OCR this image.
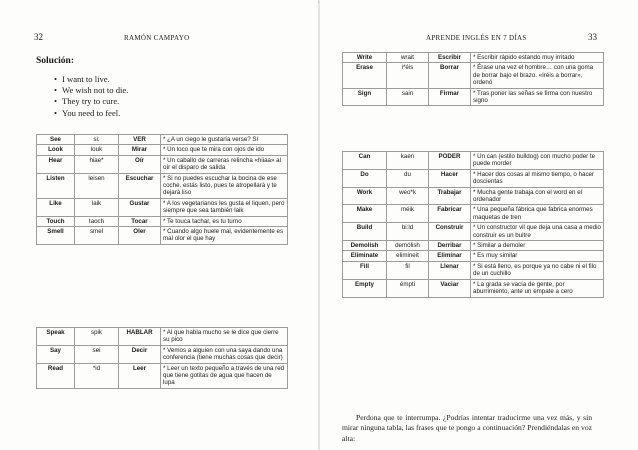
'
32	RAMÓN CAMPAYO
Solución:
• I want to live.
• We wish not to die.
• They try to cure.
• You need to feel.
See	si:	VER	* ¿A un ciego le gustaría verse? Sí
Look	louk	Mirar	* Un loco que te mira con ojos de ido
Hear	hiae*	Oír	* Un caballo de carreras relincha «hiiaa» al oír el disparo de salida
Listen	leisen	Escuchar	* Si no puedes escuchar la bocina de ese coche, estás listo, pues te atropellará y te dejará liso
Like	laik	Gustar	* A los vegetarianos les gusta el liquen, pero siempre que sea también laik
Touch	taoch	Tocar	* Te touca tachar, es tu turno
Smell	smel	Oler	* Cuando algo huele mal, evidentemente es mal olor el que hay
Speak	spik	HABLAR	* Al que habla mucho se le dice que cierre su pico
Say	sei	Decir	* Vemos a alguien con una saya dando una conferencia (tiene muchas cosas que decir)
Read	*id	Leer	* Leer un texto pequeño a través de una red que tiene gotitas de agua que hacen de lupa
APRENDE INGLÉS EN 7 DÍAS	33
Write	wrait	Escribir	* Escribir rápido estando muy irritado
Erase	i*éis	Borrar	* Érase una vez el hombre… con una goma de borrar bajo el brazo. «Iréis a borrar», ordenó
Sign	sain	Firmar	* Tras poner las señas se firma con nuestro signo
Can	kaen	PODER	* Un can (estilo bulldog) con mucho poder te puede morder
Do	du	Hacer	* Hacer dos cosas al mismo tiempo, o hacer doscientas
Work	weo*k	Trabajar	* Mucha gente trabaja con el word en el ordenador
Make	méik	Fabricar	* Una pequeña fábrica que fabrica enormes maquetas de tren
Build	bi:ld	Construir	* Un constructor vil que deja una casa a medio construir es un buitre
Demolish	demólish	Derribar	* Similar a demoler
Eliminate	elimineit	Eliminar	* Es muy similar
Fill	fil	Llenar	* Si está lleno, es porque ya no cabe ni el filo de un cuchillo
Empty	émpti	Vaciar	* La grada se vacía de gente, por aburrimiento, ante un empate a cero

Perdona que te interrumpa. ¿Podrías intentar traducirme una vez más, y sin mirar ninguna tabla, las frases que te pongo a continuación? Prendiéndalas en voz alta:
